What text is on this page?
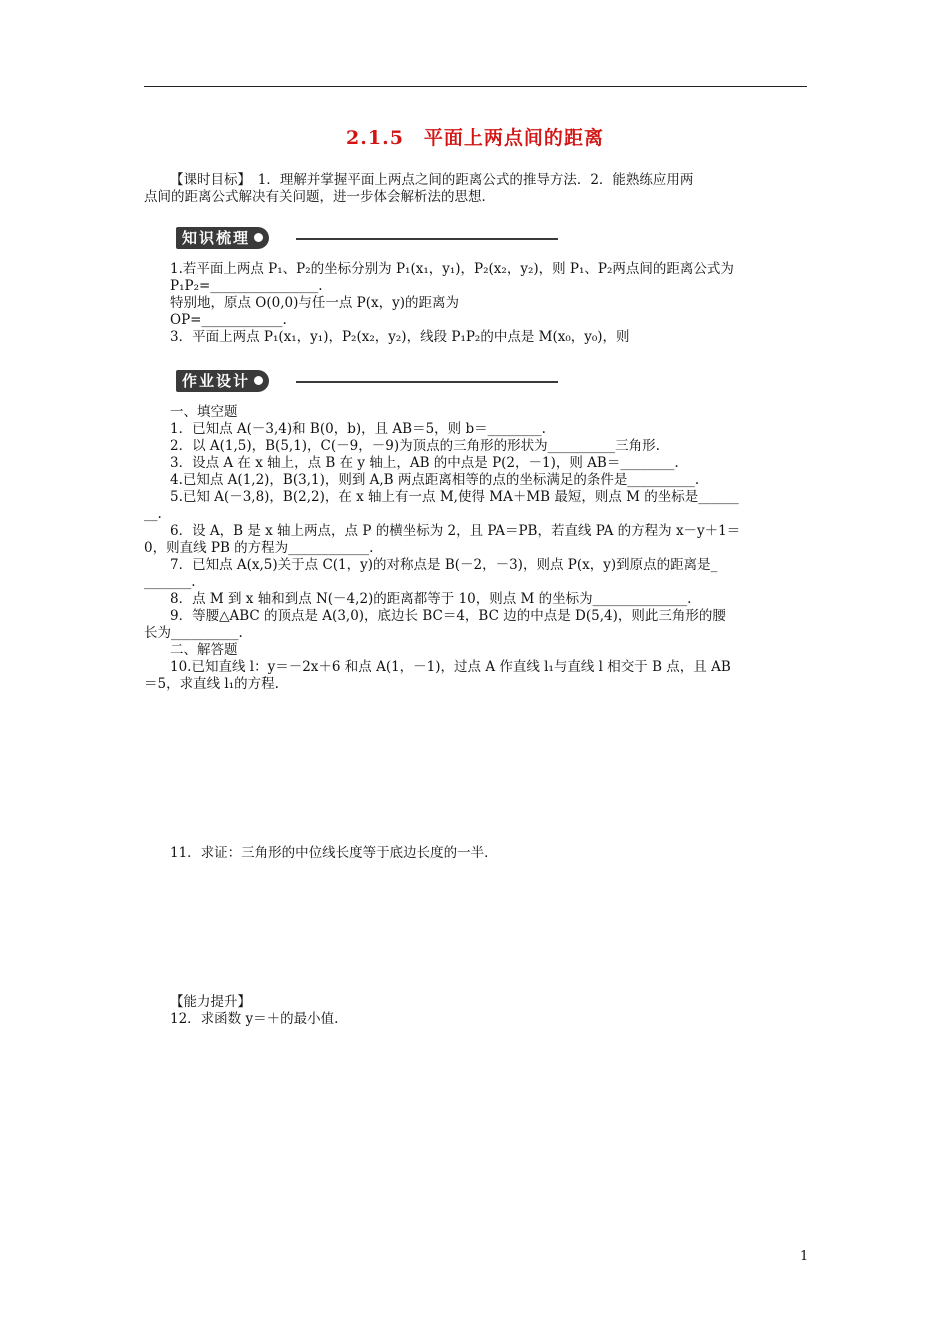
2.1.5　平面上两点间的距离
【课时目标】　1．理解并掌握平面上两点之间的距离公式的推导方法．2．能熟练应用两
点间的距离公式解决有关问题，进一步体会解析法的思想．
知识梳理
1.若平面上两点 P₁、P₂的坐标分别为 P₁(x₁，y₁)，P₂(x₂，y₂)，则 P₁、P₂两点间的距离公式为
P₁P₂=________________.
特别地，原点 O(0,0)与任一点 P(x，y)的距离为
OP=____________.
3．平面上两点 P₁(x₁，y₁)，P₂(x₂，y₂)，线段 P₁P₂的中点是 M(x₀，y₀)，则
作业设计
一、填空题
1．已知点 A(－3,4)和 B(0，b)，且 AB＝5，则 b＝________.
2．以 A(1,5)，B(5,1)，C(－9，－9)为顶点的三角形的形状为__________三角形.
3．设点 A 在 x 轴上，点 B 在 y 轴上，AB 的中点是 P(2，－1)，则 AB＝________.
4.已知点 A(1,2)，B(3,1)，则到 A,B 两点距离相等的点的坐标满足的条件是__________.
5.已知 A(－3,8)，B(2,2)，在 x 轴上有一点 M,使得 MA＋MB 最短，则点 M 的坐标是______
__.
6．设 A，B 是 x 轴上两点，点 P 的横坐标为 2，且 PA＝PB，若直线 PA 的方程为 x－y＋1＝
0，则直线 PB 的方程为____________.
7．已知点 A(x,5)关于点 C(1，y)的对称点是 B(－2，－3)，则点 P(x，y)到原点的距离是_
_______.
8．点 M 到 x 轴和到点 N(－4,2)的距离都等于 10，则点 M 的坐标为______________.
9．等腰△ABC 的顶点是 A(3,0)，底边长 BC＝4，BC 边的中点是 D(5,4)，则此三角形的腰
长为__________.
二、解答题
10.已知直线 l：y＝－2x＋6 和点 A(1，－1)，过点 A 作直线 l₁与直线 l 相交于 B 点，且 AB
＝5，求直线 l₁的方程.
11．求证：三角形的中位线长度等于底边长度的一半．
【能力提升】
12．求函数 y＝＋的最小值.
1
